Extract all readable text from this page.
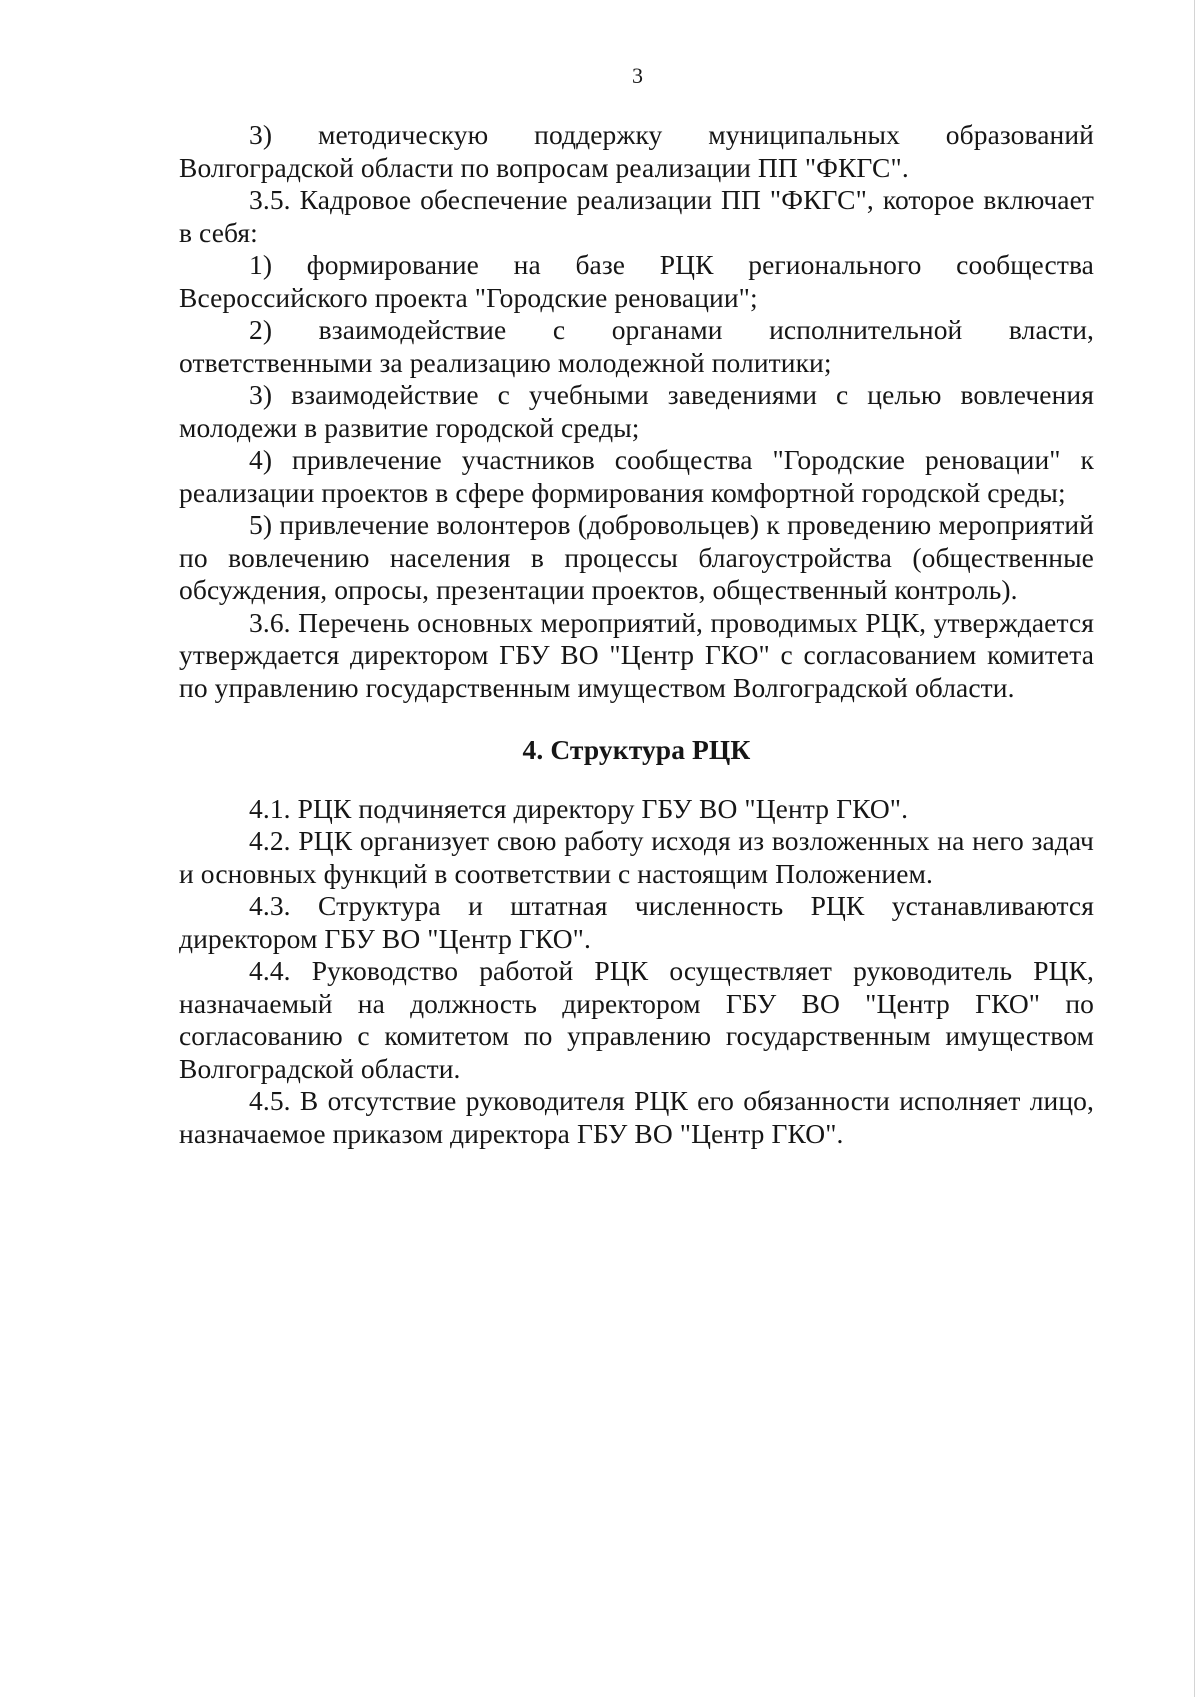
3

3) методическую поддержку муниципальных образований Волгоградской области по вопросам реализации ПП "ФКГС".

3.5. Кадровое обеспечение реализации ПП "ФКГС", которое включает в себя:

1) формирование на базе РЦК регионального сообщества Всероссийского проекта "Городские реновации";

2) взаимодействие с органами исполнительной власти, ответственными за реализацию молодежной политики;

3) взаимодействие с учебными заведениями с целью вовлечения молодежи в развитие городской среды;

4) привлечение участников сообщества "Городские реновации" к реализации проектов в сфере формирования комфортной городской среды;

5) привлечение волонтеров (добровольцев) к проведению мероприятий по вовлечению населения в процессы благоустройства (общественные обсуждения, опросы, презентации проектов, общественный контроль).

3.6. Перечень основных мероприятий, проводимых РЦК, утверждается утверждается директором ГБУ ВО "Центр ГКО" с согласованием комитета по управлению государственным имуществом Волгоградской области.

4. Структура РЦК

4.1. РЦК подчиняется директору ГБУ ВО "Центр ГКО".

4.2. РЦК организует свою работу исходя из возложенных на него задач и основных функций в соответствии с настоящим Положением.

4.3. Структура и штатная численность РЦК устанавливаются директором ГБУ ВО "Центр ГКО".

4.4. Руководство работой РЦК осуществляет руководитель РЦК, назначаемый на должность директором ГБУ ВО "Центр ГКО" по согласованию с комитетом по управлению государственным имуществом Волгоградской области.

4.5. В отсутствие руководителя РЦК его обязанности исполняет лицо, назначаемое приказом директора ГБУ ВО "Центр ГКО".
